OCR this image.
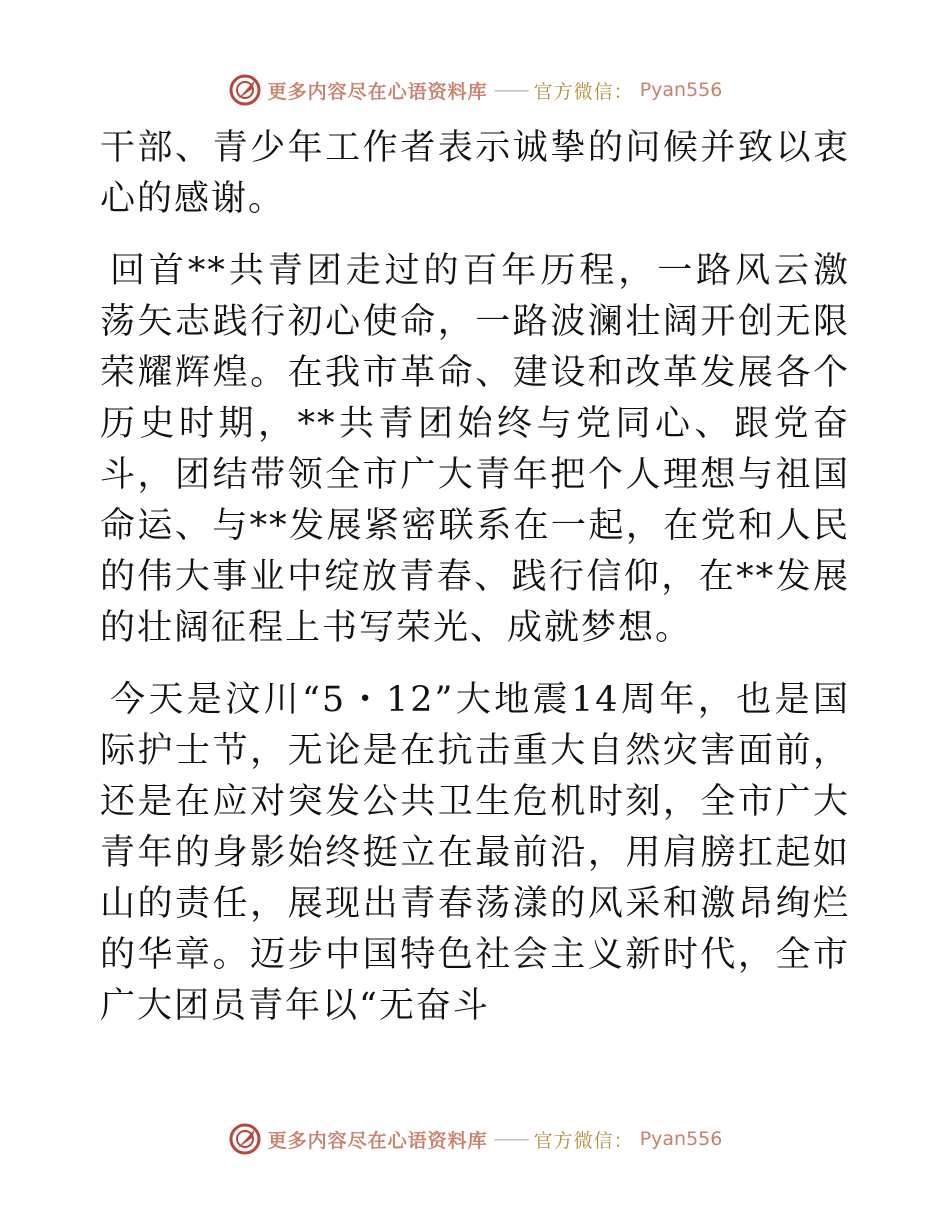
更多内容尽在心语资料库 —— 官方微信： Pyan556

干部、青少年工作者表示诚挚的问候并致以衷心的感谢。

回首**共青团走过的百年历程，一路风云激荡矢志践行初心使命，一路波澜壮阔开创无限荣耀辉煌。在我市革命、建设和改革发展各个历史时期，**共青团始终与党同心、跟党奋斗，团结带领全市广大青年把个人理想与祖国命运、与**发展紧密联系在一起，在党和人民的伟大事业中绽放青春、践行信仰，在**发展的壮阔征程上书写荣光、成就梦想。

今天是汶川“5・12”大地震14周年，也是国际护士节，无论是在抗击重大自然灾害面前，还是在应对突发公共卫生危机时刻，全市广大青年的身影始终挺立在最前沿，用肩膀扛起如山的责任，展现出青春荡漾的风采和激昂绚烂的华章。迈步中国特色社会主义新时代，全市广大团员青年以“无奋斗

更多内容尽在心语资料库 —— 官方微信： Pyan556
